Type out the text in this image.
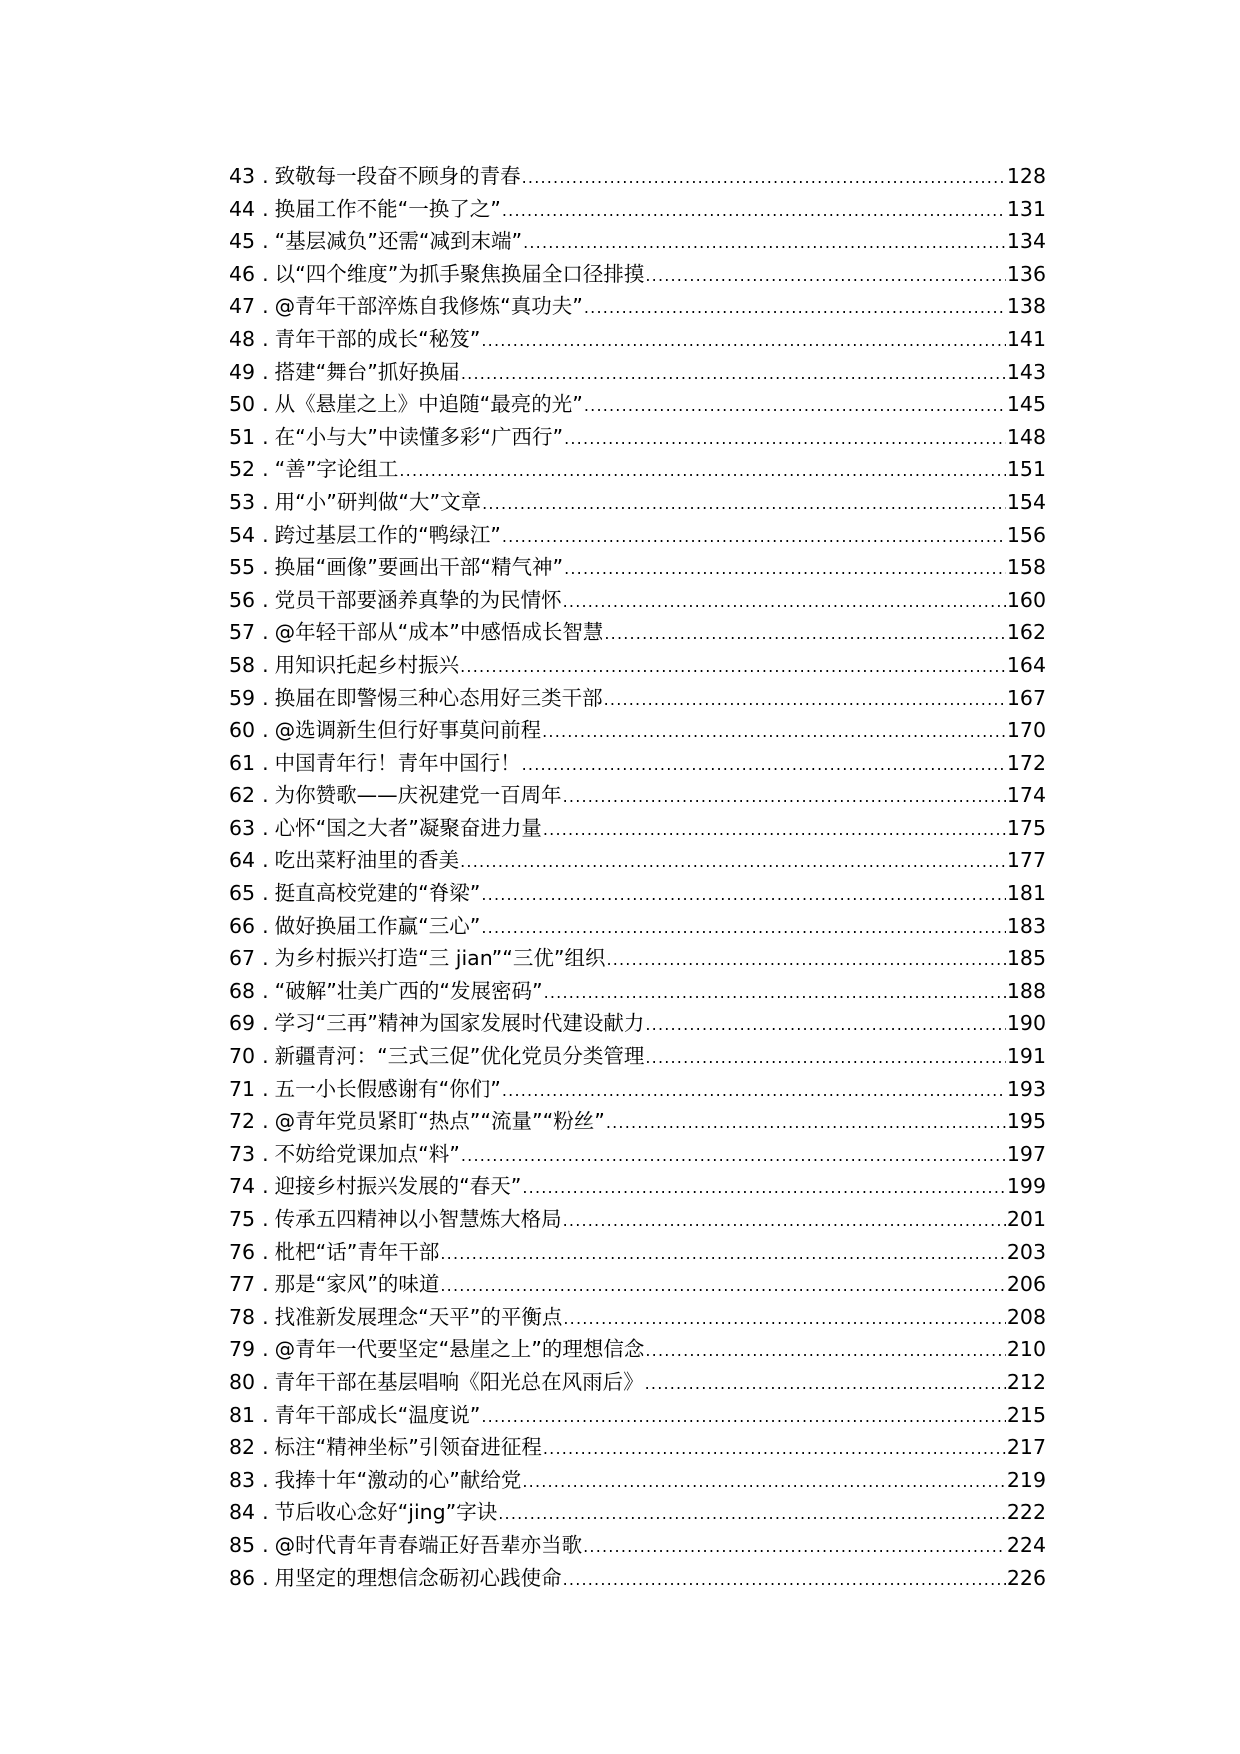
43 . 致敬每一段奋不顾身的青春 .....	128
44 . 换届工作不能“一换了之” .....	131
45 . “基层减负”还需“减到末端” .....	134
46 . 以“四个维度”为抓手聚焦换届全口径排摸 .....	136
47 . @青年干部淬炼自我修炼“真功夫” .....	138
48 . 青年干部的成长“秘笈” .....	141
49 . 搭建“舞台”抓好换届 .....	143
50 . 从《悬崖之上》中追随“最亮的光” .....	145
51 . 在“小与大”中读懂多彩“广西行” .....	148
52 . “善”字论组工 .....	151
53 . 用“小”研判做“大”文章 .....	154
54 . 跨过基层工作的“鸭绿江” .....	156
55 . 换届“画像”要画出干部“精气神” .....	158
56 . 党员干部要涵养真挚的为民情怀 .....	160
57 . @年轻干部从“成本”中感悟成长智慧 .....	162
58 . 用知识托起乡村振兴 .....	164
59 . 换届在即警惕三种心态用好三类干部 .....	167
60 . @选调新生但行好事莫问前程 .....	170
61 . 中国青年行！青年中国行！ .....	172
62 . 为你赞歌——庆祝建党一百周年 .....	174
63 . 心怀“国之大者”凝聚奋进力量 .....	175
64 . 吃出菜籽油里的香美 .....	177
65 . 挺直高校党建的“脊梁” .....	181
66 . 做好换届工作赢“三心” .....	183
67 . 为乡村振兴打造“三 jian”“三优”组织 .....	185
68 . “破解”壮美广西的“发展密码” .....	188
69 . 学习“三再”精神为国家发展时代建设献力 .....	190
70 . 新疆青河：“三式三促”优化党员分类管理 .....	191
71 . 五一小长假感谢有“你们” .....	193
72 . @青年党员紧盯“热点”“流量”“粉丝” .....	195
73 . 不妨给党课加点“料” .....	197
74 . 迎接乡村振兴发展的“春天” .....	199
75 . 传承五四精神以小智慧炼大格局 .....	201
76 . 枇杷“话”青年干部 .....	203
77 . 那是“家风”的味道 .....	206
78 . 找准新发展理念“天平”的平衡点 .....	208
79 . @青年一代要坚定“悬崖之上”的理想信念 .....	210
80 . 青年干部在基层唱响《阳光总在风雨后》 .....	212
81 . 青年干部成长“温度说” .....	215
82 . 标注“精神坐标”引领奋进征程 .....	217
83 . 我捧十年“激动的心”献给党 .....	219
84 . 节后收心念好“jing”字诀 .....	222
85 . @时代青年青春端正好吾辈亦当歌 .....	224
86 . 用坚定的理想信念砺初心践使命 .....	226
